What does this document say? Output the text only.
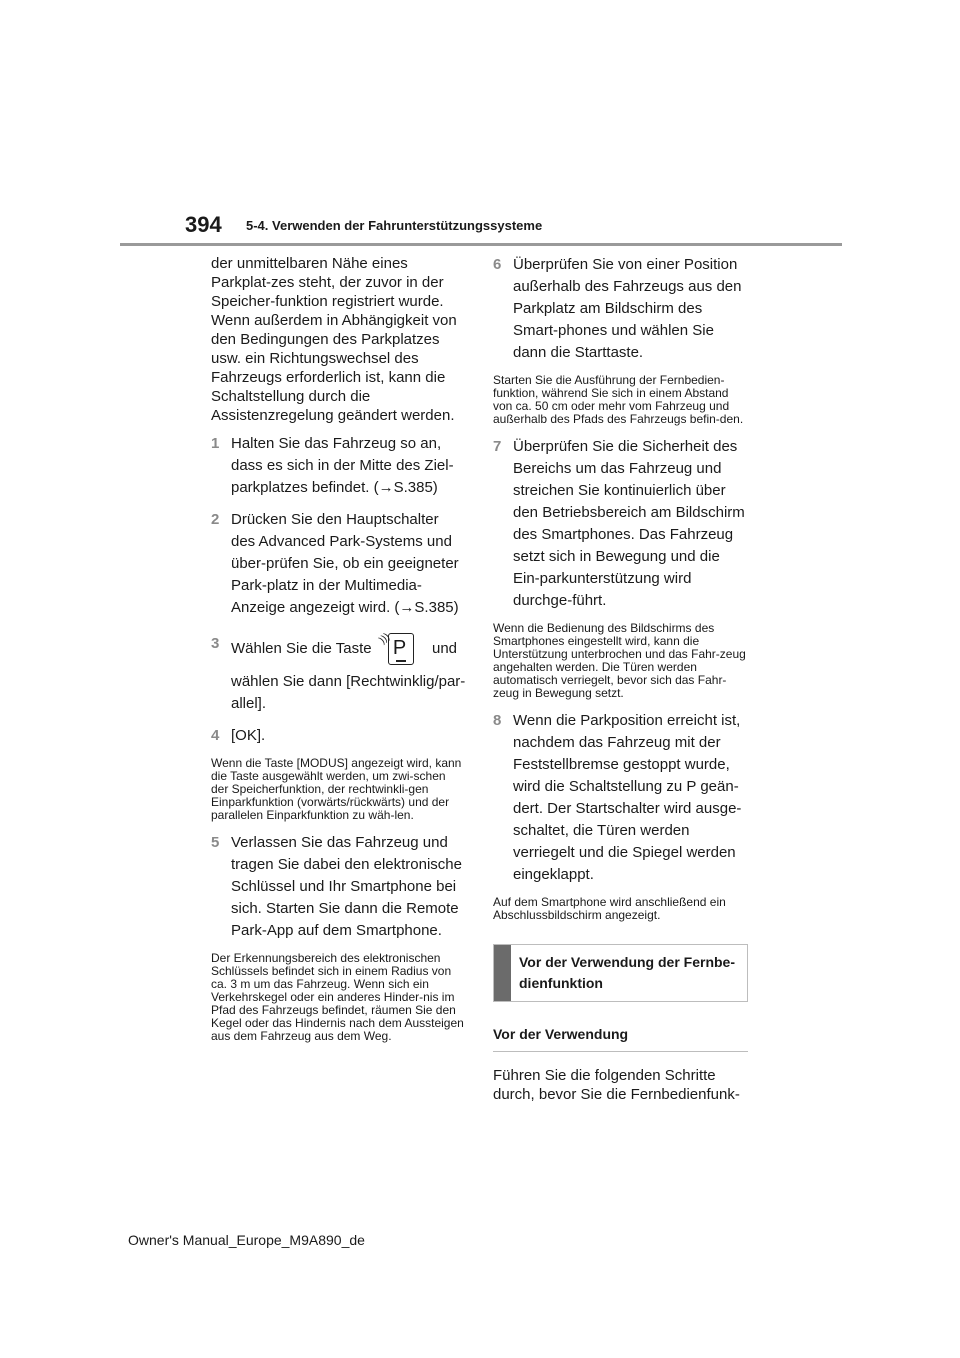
394 5-4. Verwenden der Fahrunterstützungssysteme

der unmittelbaren Nähe eines Parkplat-zes steht, der zuvor in der Speicher-funktion registriert wurde. Wenn außerdem in Abhängigkeit von den Bedingungen des Parkplatzes usw. ein Richtungswechsel des Fahrzeugs erforderlich ist, kann die Schaltstellung durch die Assistenzregelung geändert werden.

1 Halten Sie das Fahrzeug so an, dass es sich in der Mitte des Ziel-parkplatzes befindet. (→S.385)
2 Drücken Sie den Hauptschalter des Advanced Park-Systems und über-prüfen Sie, ob ein geeigneter Park-platz in der Multimedia-Anzeige angezeigt wird. (→S.385)
3 Wählen Sie die Taste
))) P und
wählen Sie dann [Rechtwinklig/par-allel].
4 [OK].

Wenn die Taste [MODUS] angezeigt wird, kann die Taste ausgewählt werden, um zwi-schen der Speicherfunktion, der rechtwinkli-gen Einparkfunktion (vorwärts/rückwärts) und der parallelen Einparkfunktion zu wäh-len.

5 Verlassen Sie das Fahrzeug und tragen Sie dabei den elektronische Schlüssel und Ihr Smartphone bei sich. Starten Sie dann die Remote Park-App auf dem Smartphone.

Der Erkennungsbereich des elektronischen Schlüssels befindet sich in einem Radius von ca. 3 m um das Fahrzeug. Wenn sich ein Verkehrskegel oder ein anderes Hinder-nis im Pfad des Fahrzeugs befindet, räumen Sie den Kegel oder das Hindernis nach dem Aussteigen aus dem Fahrzeug aus dem Weg.

6 Überprüfen Sie von einer Position außerhalb des Fahrzeugs aus den Parkplatz am Bildschirm des Smart-phones und wählen Sie dann die Starttaste.

Starten Sie die Ausführung der Fernbedien-funktion, während Sie sich in einem Abstand von ca. 50 cm oder mehr vom Fahrzeug und außerhalb des Pfads des Fahrzeugs befin-den.

7 Überprüfen Sie die Sicherheit des Bereichs um das Fahrzeug und streichen Sie kontinuierlich über den Betriebsbereich am Bildschirm des Smartphones. Das Fahrzeug setzt sich in Bewegung und die Ein-parkunterstützung wird durchge-führt.

Wenn die Bedienung des Bildschirms des Smartphones eingestellt wird, kann die Unterstützung unterbrochen und das Fahr-zeug angehalten werden. Die Türen werden automatisch verriegelt, bevor sich das Fahr-zeug in Bewegung setzt.

8 Wenn die Parkposition erreicht ist, nachdem das Fahrzeug mit der Feststellbremse gestoppt wurde, wird die Schaltstellung zu P geän-dert. Der Startschalter wird ausge-schaltet, die Türen werden verriegelt und die Spiegel werden eingeklappt.

Auf dem Smartphone wird anschließend ein Abschlussbildschirm angezeigt.

Vor der Verwendung der Fernbe-dienfunktion
Vor der Verwendung

Führen Sie die folgenden Schritte durch, bevor Sie die Fernbedienfunk-

Owner's Manual_Europe_M9A890_de
